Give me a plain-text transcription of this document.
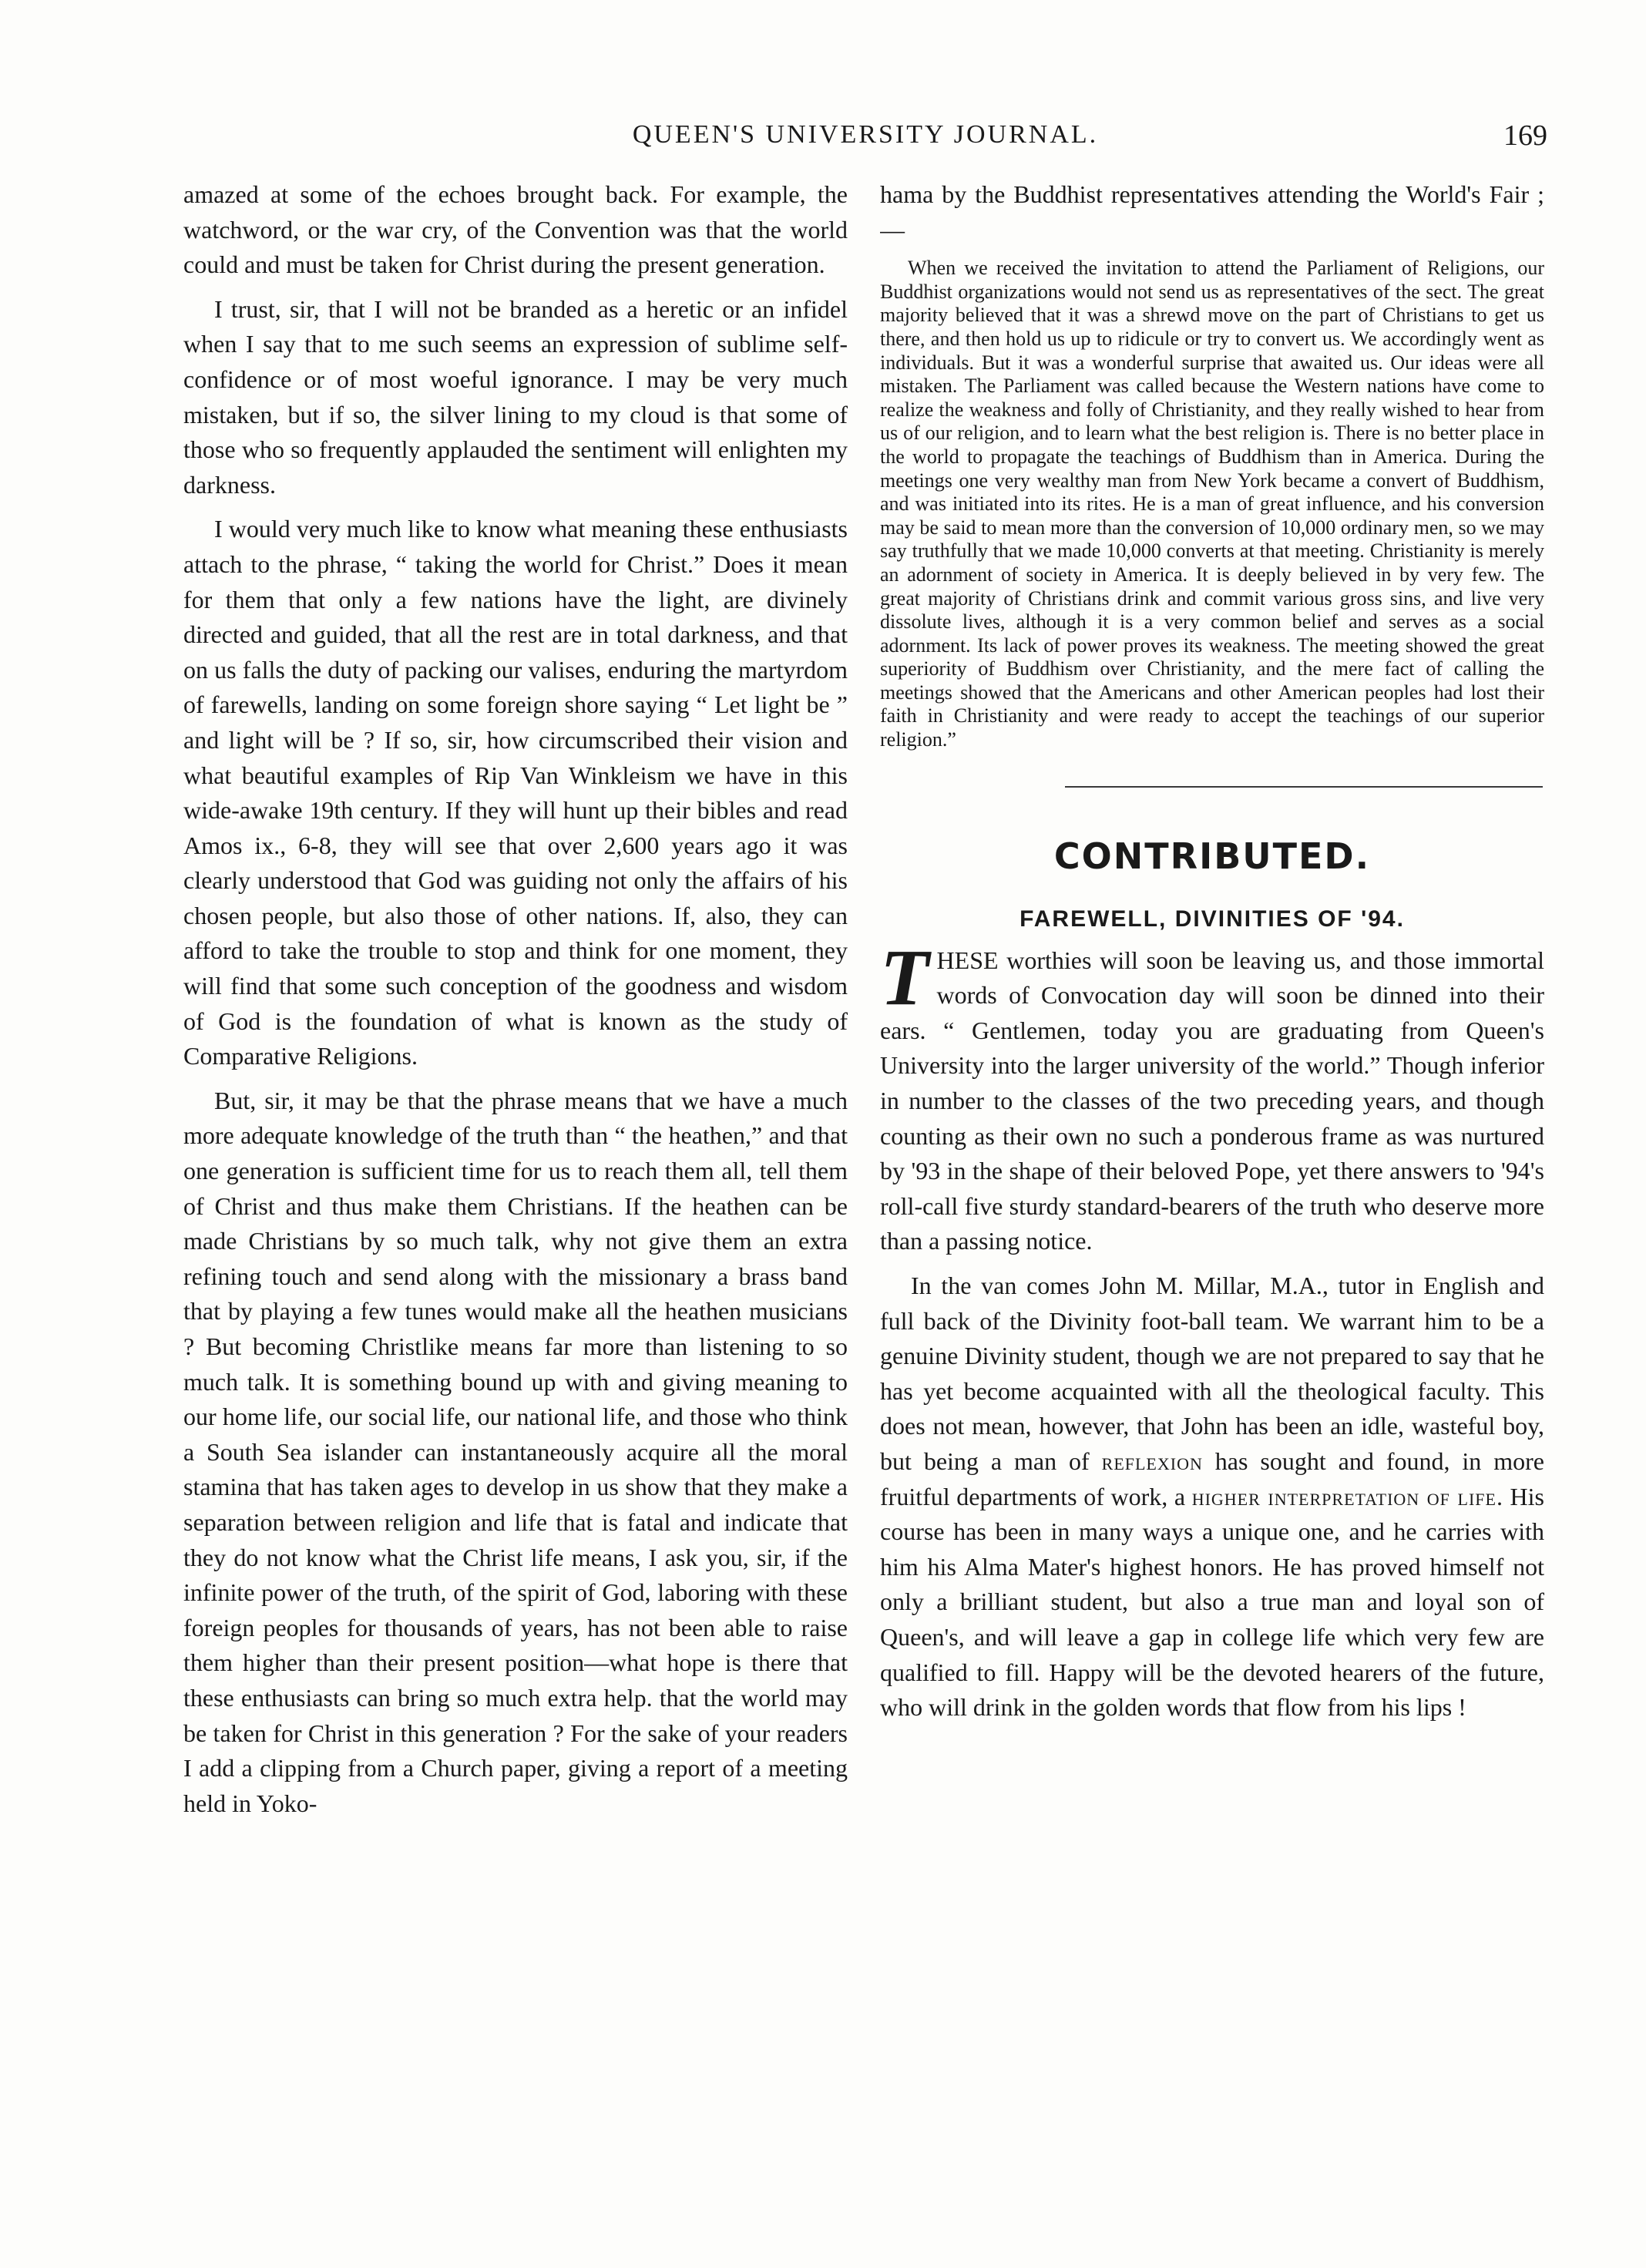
QUEEN'S UNIVERSITY JOURNAL.	169

amazed at some of the echoes brought back. For example, the watchword, or the war cry, of the Convention was that the world could and must be taken for Christ during the present generation.

I trust, sir, that I will not be branded as a heretic or an infidel when I say that to me such seems an expression of sublime self-confidence or of most woeful ignorance. I may be very much mistaken, but if so, the silver lining to my cloud is that some of those who so frequently applauded the sentiment will enlighten my darkness.

I would very much like to know what meaning these enthusiasts attach to the phrase, “ taking the world for Christ.” Does it mean for them that only a few nations have the light, are divinely directed and guided, that all the rest are in total darkness, and that on us falls the duty of packing our valises, enduring the martyrdom of farewells, landing on some foreign shore saying “ Let light be ” and light will be ? If so, sir, how circumscribed their vision and what beautiful examples of Rip Van Winkleism we have in this wide-awake 19th century. If they will hunt up their bibles and read Amos ix., 6-8, they will see that over 2,600 years ago it was clearly understood that God was guiding not only the affairs of his chosen people, but also those of other nations. If, also, they can afford to take the trouble to stop and think for one moment, they will find that some such conception of the goodness and wisdom of God is the foundation of what is known as the study of Comparative Religions.

But, sir, it may be that the phrase means that we have a much more adequate knowledge of the truth than “ the heathen,” and that one generation is sufficient time for us to reach them all, tell them of Christ and thus make them Christians. If the heathen can be made Christians by so much talk, why not give them an extra refining touch and send along with the missionary a brass band that by playing a few tunes would make all the heathen musicians ? But becoming Christlike means far more than listening to so much talk. It is something bound up with and giving meaning to our home life, our social life, our national life, and those who think a South Sea islander can instantaneously acquire all the moral stamina that has taken ages to develop in us show that they make a separation between religion and life that is fatal and indicate that they do not know what the Christ life means, I ask you, sir, if the infinite power of the truth, of the spirit of God, laboring with these foreign peoples for thousands of years, has not been able to raise them higher than their present position—what hope is there that these enthusiasts can bring so much extra help. that the world may be taken for Christ in this generation ? For the sake of your readers I add a clipping from a Church paper, giving a report of a meeting held in Yoko-

hama by the Buddhist representatives attending the World's Fair ;—

When we received the invitation to attend the Parliament of Religions, our Buddhist organizations would not send us as representatives of the sect. The great majority believed that it was a shrewd move on the part of Christians to get us there, and then hold us up to ridicule or try to convert us. We accordingly went as individuals. But it was a wonderful surprise that awaited us. Our ideas were all mistaken. The Parliament was called because the Western nations have come to realize the weakness and folly of Christianity, and they really wished to hear from us of our religion, and to learn what the best religion is. There is no better place in the world to propagate the teachings of Buddhism than in America. During the meetings one very wealthy man from New York became a convert of Buddhism, and was initiated into its rites. He is a man of great influence, and his conversion may be said to mean more than the conversion of 10,000 ordinary men, so we may say truthfully that we made 10,000 converts at that meeting. Christianity is merely an adornment of society in America. It is deeply believed in by very few. The great majority of Christians drink and commit various gross sins, and live very dissolute lives, although it is a very common belief and serves as a social adornment. Its lack of power proves its weakness. The meeting showed the great superiority of Buddhism over Christianity, and the mere fact of calling the meetings showed that the Americans and other American peoples had lost their faith in Christianity and were ready to accept the teachings of our superior religion.”

CONTRIBUTED.
FAREWELL, DIVINITIES OF '94.

THESE worthies will soon be leaving us, and those immortal words of Convocation day will soon be dinned into their ears. “ Gentlemen, today you are graduating from Queen's University into the larger university of the world.” Though inferior in number to the classes of the two preceding years, and though counting as their own no such a ponderous frame as was nurtured by '93 in the shape of their beloved Pope, yet there answers to '94's roll-call five sturdy standard-bearers of the truth who deserve more than a passing notice.

In the van comes John M. Millar, M.A., tutor in English and full back of the Divinity foot-ball team. We warrant him to be a genuine Divinity student, though we are not prepared to say that he has yet become acquainted with all the theological faculty. This does not mean, however, that John has been an idle, wasteful boy, but being a man of reflexion has sought and found, in more fruitful departments of work, a higher interpretation of life. His course has been in many ways a unique one, and he carries with him his Alma Mater's highest honors. He has proved himself not only a brilliant student, but also a true man and loyal son of Queen's, and will leave a gap in college life which very few are qualified to fill. Happy will be the devoted hearers of the future, who will drink in the golden words that flow from his lips !
